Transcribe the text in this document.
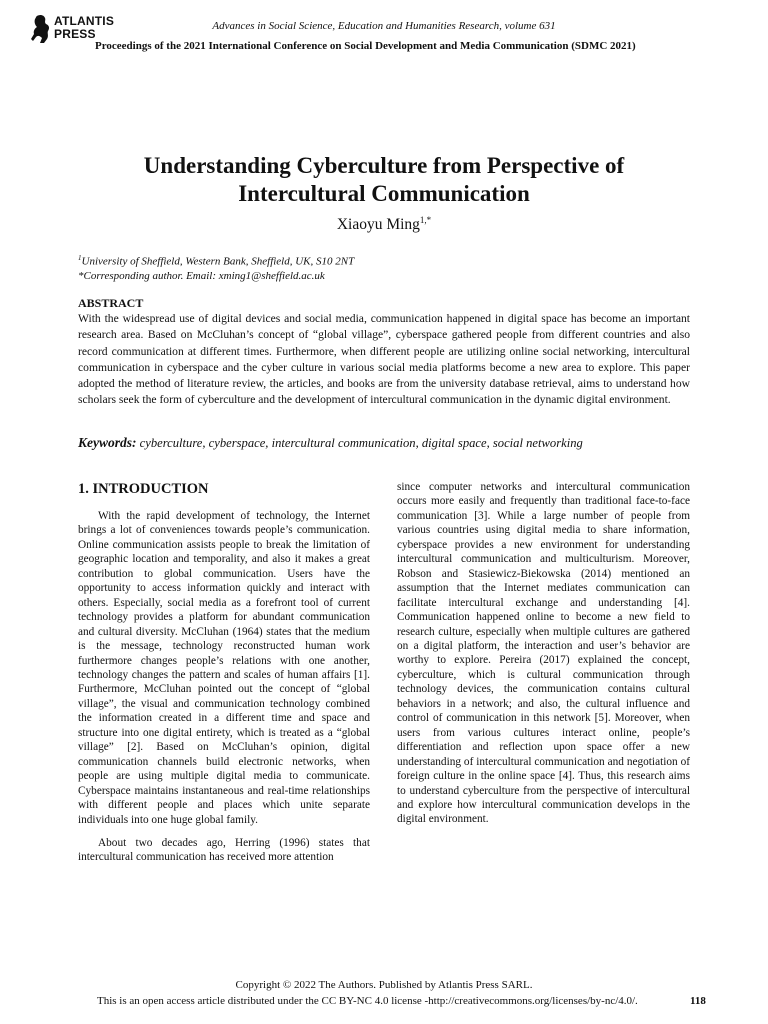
ATLANTIS
PRESS
Advances in Social Science, Education and Humanities Research, volume 631
Proceedings of the 2021 International Conference on Social Development and Media Communication (SDMC 2021)
Understanding Cyberculture from Perspective of
Intercultural Communication
Xiaoyu Ming$^{1,*}$
$^1$University of Sheffield, Western Bank, Sheffield, UK, S10 2NT
*Corresponding author. Email: xming1@sheffield.ac.uk
ABSTRACT

With the widespread use of digital devices and social media, communication happened in digital space has become an important research area. Based on McCluhan’s concept of “global village”, cyberspace gathered people from different countries and also record communication at different times. Furthermore, when different people are utilizing online social networking, intercultural communication in cyberspace and the cyber culture in various social media platforms become a new area to explore. This paper adopted the method of literature review, the articles, and books are from the university database retrieval, aims to understand how scholars seek the form of cyberculture and the development of intercultural communication in the dynamic digital environment.

Keywords: cyberculture, cyberspace, intercultural communication, digital space, social networking
1. INTRODUCTION

With the rapid development of technology, the Internet brings a lot of conveniences towards people’s communication. Online communication assists people to break the limitation of geographic location and temporality, and also it makes a great contribution to global communication. Users have the opportunity to access information quickly and interact with others. Especially, social media as a forefront tool of current technology provides a platform for abundant communication and cultural diversity. McCluhan (1964) states that the medium is the message, technology reconstructed human work furthermore changes people’s relations with one another, technology changes the pattern and scales of human affairs [1]. Furthermore, McCluhan pointed out the concept of “global village”, the visual and communication technology combined the information created in a different time and space and structure into one digital entirety, which is treated as a “global village” [2]. Based on McCluhan’s opinion, digital communication channels build electronic networks, when people are using multiple digital media to communicate. Cyberspace maintains instantaneous and real-time relationships with different people and places which unite separate individuals into one huge global family.

About two decades ago, Herring (1996) states that intercultural communication has received more attention

since computer networks and intercultural communication occurs more easily and frequently than traditional face-to-face communication [3]. While a large number of people from various countries using digital media to share information, cyberspace provides a new environment for understanding intercultural communication and multiculturism. Moreover, Robson and Stasiewicz-Biekowska (2014) mentioned an assumption that the Internet mediates communication can facilitate intercultural exchange and understanding [4]. Communication happened online to become a new field to research culture, especially when multiple cultures are gathered on a digital platform, the interaction and user’s behavior are worthy to explore. Pereira (2017) explained the concept, cyberculture, which is cultural communication through technology devices, the communication contains cultural behaviors in a network; and also, the cultural influence and control of communication in this network [5]. Moreover, when users from various cultures interact online, people’s differentiation and reflection upon space offer a new understanding of intercultural communication and negotiation of foreign culture in the online space [4]. Thus, this research aims to understand cyberculture from the perspective of intercultural and explore how intercultural communication develops in the digital environment.

Copyright © 2022 The Authors. Published by Atlantis Press SARL.
This is an open access article distributed under the CC BY-NC 4.0 license -http://creativecommons.org/licenses/by-nc/4.0/.	118
